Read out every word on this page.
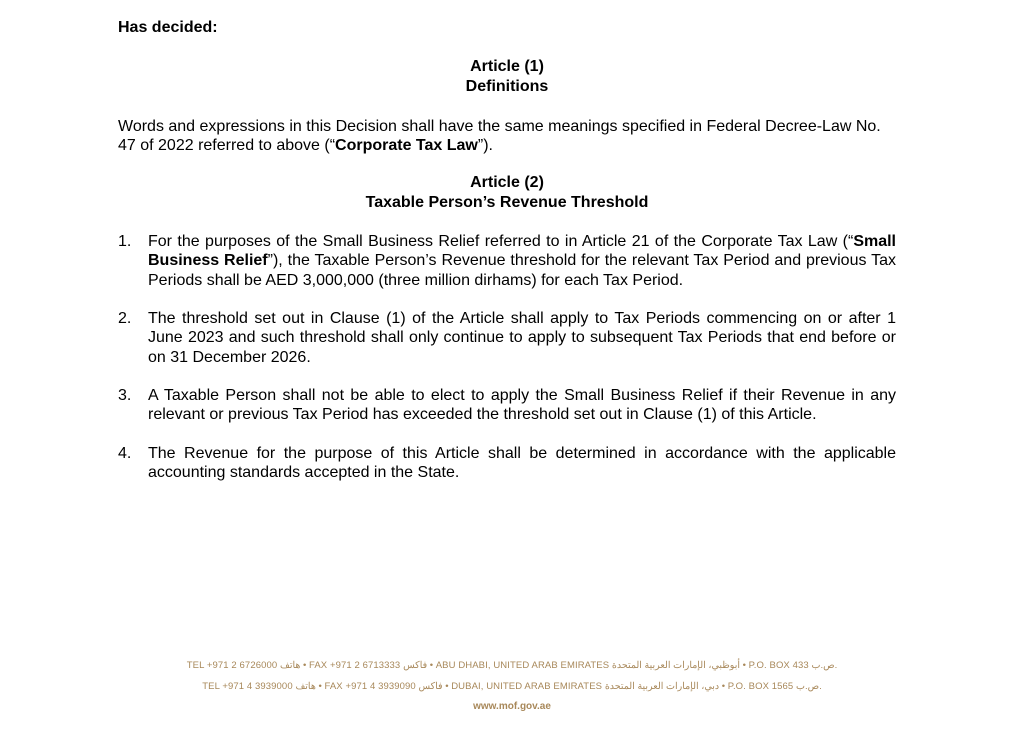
Has decided:
Article (1)
Definitions
Words and expressions in this Decision shall have the same meanings specified in Federal Decree-Law No. 47 of 2022 referred to above (“Corporate Tax Law”).
Article (2)
Taxable Person’s Revenue Threshold
1.	For the purposes of the Small Business Relief referred to in Article 21 of the Corporate Tax Law (“Small Business Relief”), the Taxable Person’s Revenue threshold for the relevant Tax Period and previous Tax Periods shall be AED 3,000,000 (three million dirhams) for each Tax Period.
2.	The threshold set out in Clause (1) of the Article shall apply to Tax Periods commencing on or after 1 June 2023 and such threshold shall only continue to apply to subsequent Tax Periods that end before or on 31 December 2026.
3.	A Taxable Person shall not be able to elect to apply the Small Business Relief if their Revenue in any relevant or previous Tax Period has exceeded the threshold set out in Clause (1) of this Article.
4.	The Revenue for the purpose of this Article shall be determined in accordance with the applicable accounting standards accepted in the State.
TEL +971 2 6726000 هاتف • FAX +971 2 6713333 فاكس • ABU DHABI, UNITED ARAB EMIRATES أبوظبي، الإمارات العربية المتحدة • P.O. BOX 433 ص.ب.
TEL +971 4 3939000 هاتف • FAX +971 4 3939090 فاكس • DUBAI, UNITED ARAB EMIRATES دبي، الإمارات العربية المتحدة • P.O. BOX 1565 ص.ب.
www.mof.gov.ae
